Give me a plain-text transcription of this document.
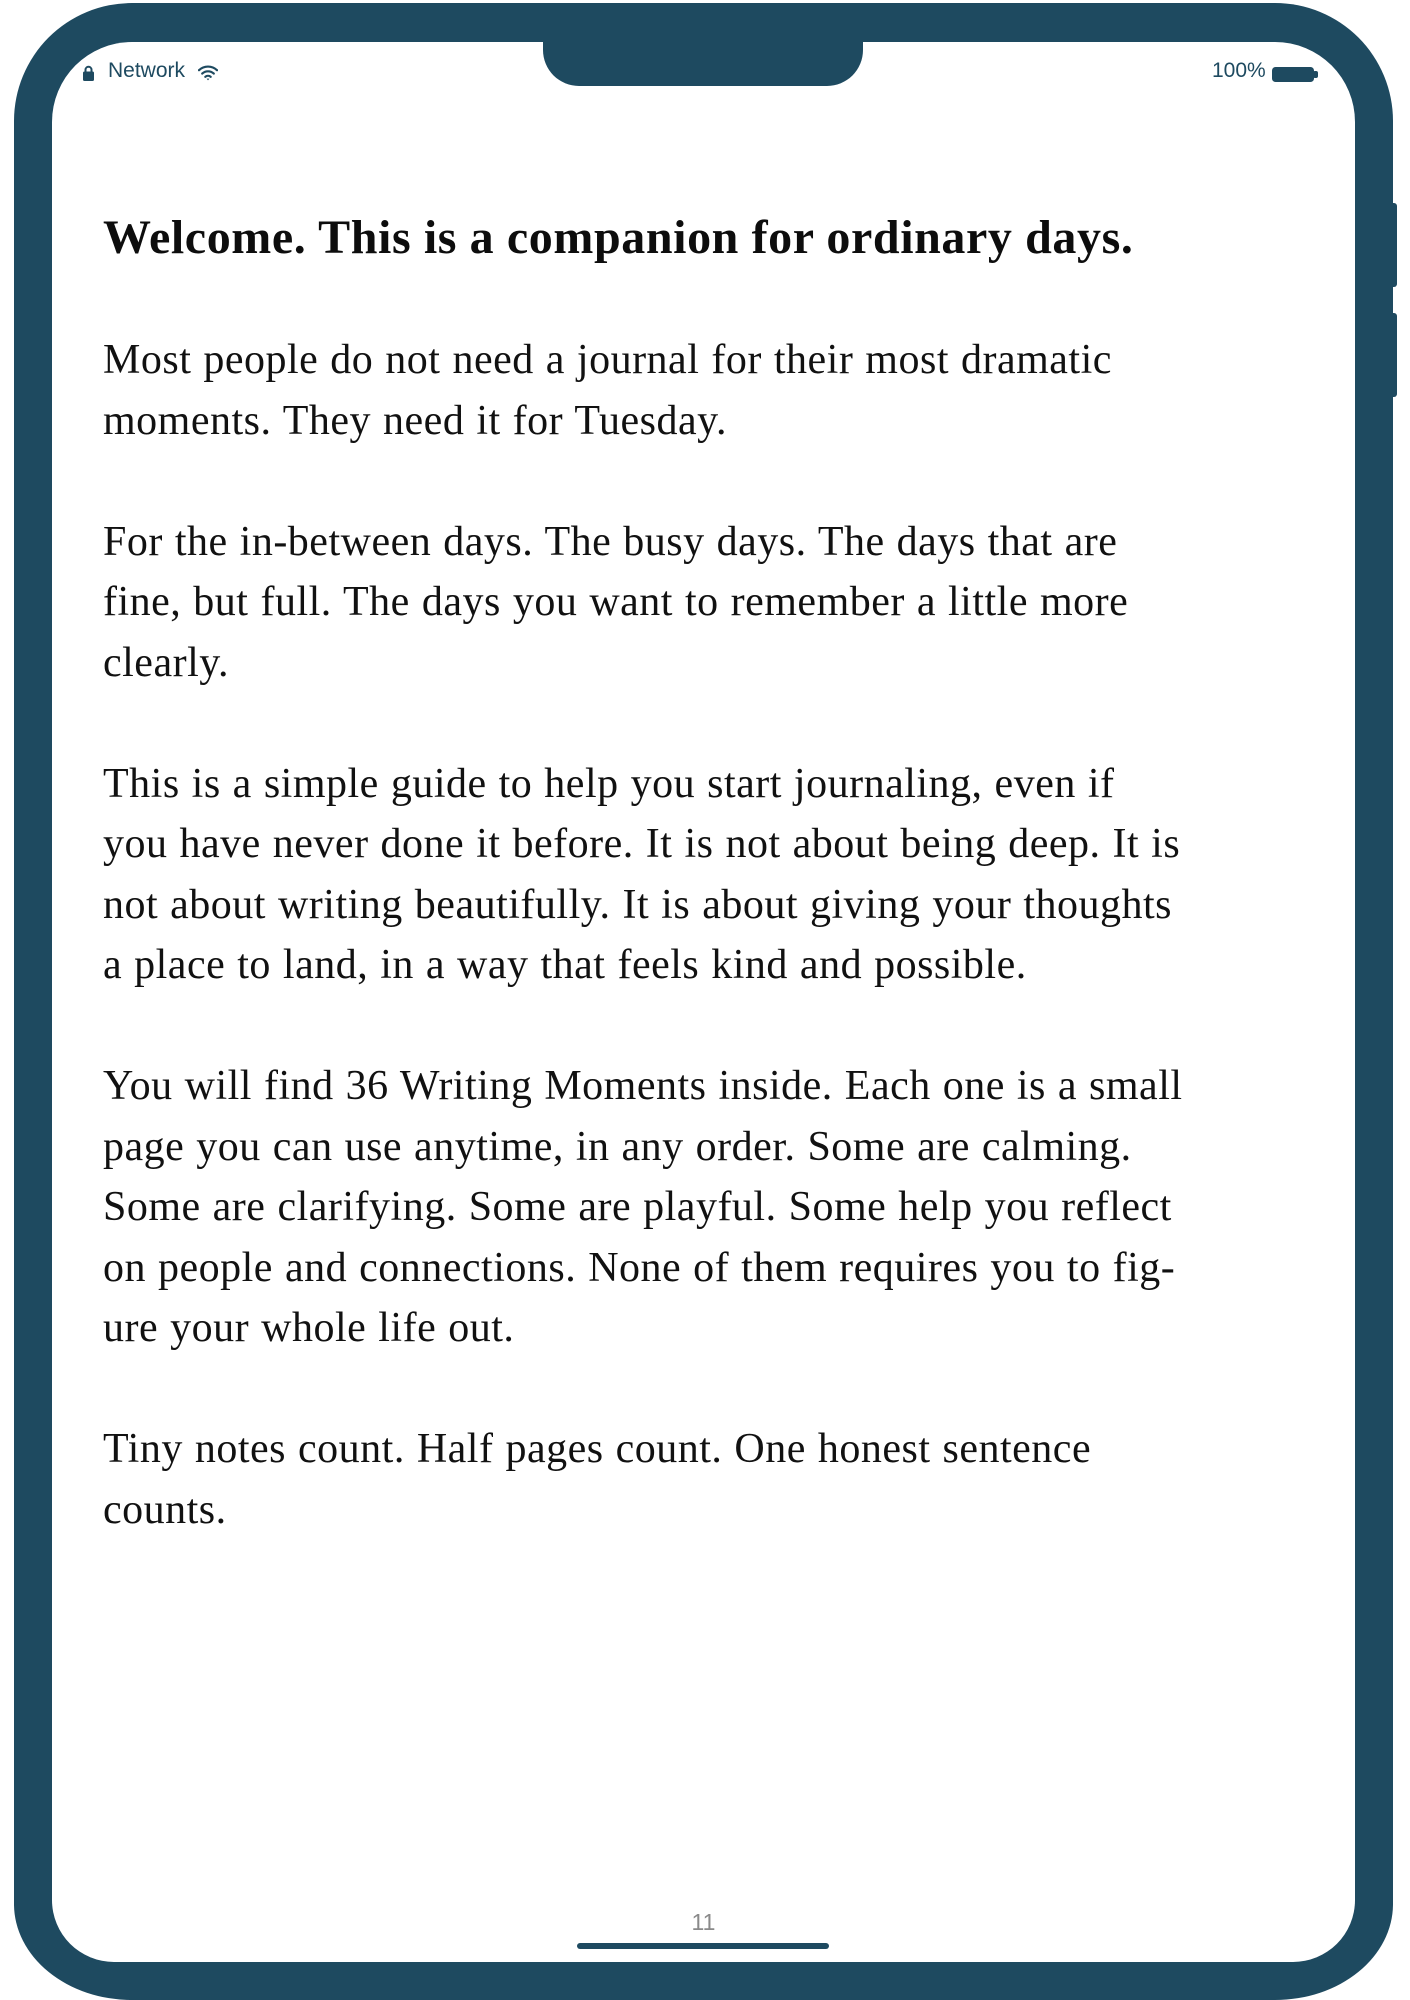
Network	100%
Welcome. This is a companion for ordinary days.

Most people do not need a journal for their most dramatic
moments. They need it for Tuesday.

For the in-between days. The busy days. The days that are
fine, but full. The days you want to remember a little more
clearly.

This is a simple guide to help you start journaling, even if
you have never done it before. It is not about being deep. It is
not about writing beautifully. It is about giving your thoughts
a place to land, in a way that feels kind and possible.

You will find 36 Writing Moments inside. Each one is a small
page you can use anytime, in any order. Some are calming.
Some are clarifying. Some are playful. Some help you reflect
on people and connections. None of them requires you to fig-
ure your whole life out.

Tiny notes count. Half pages count. One honest sentence
counts.

11
